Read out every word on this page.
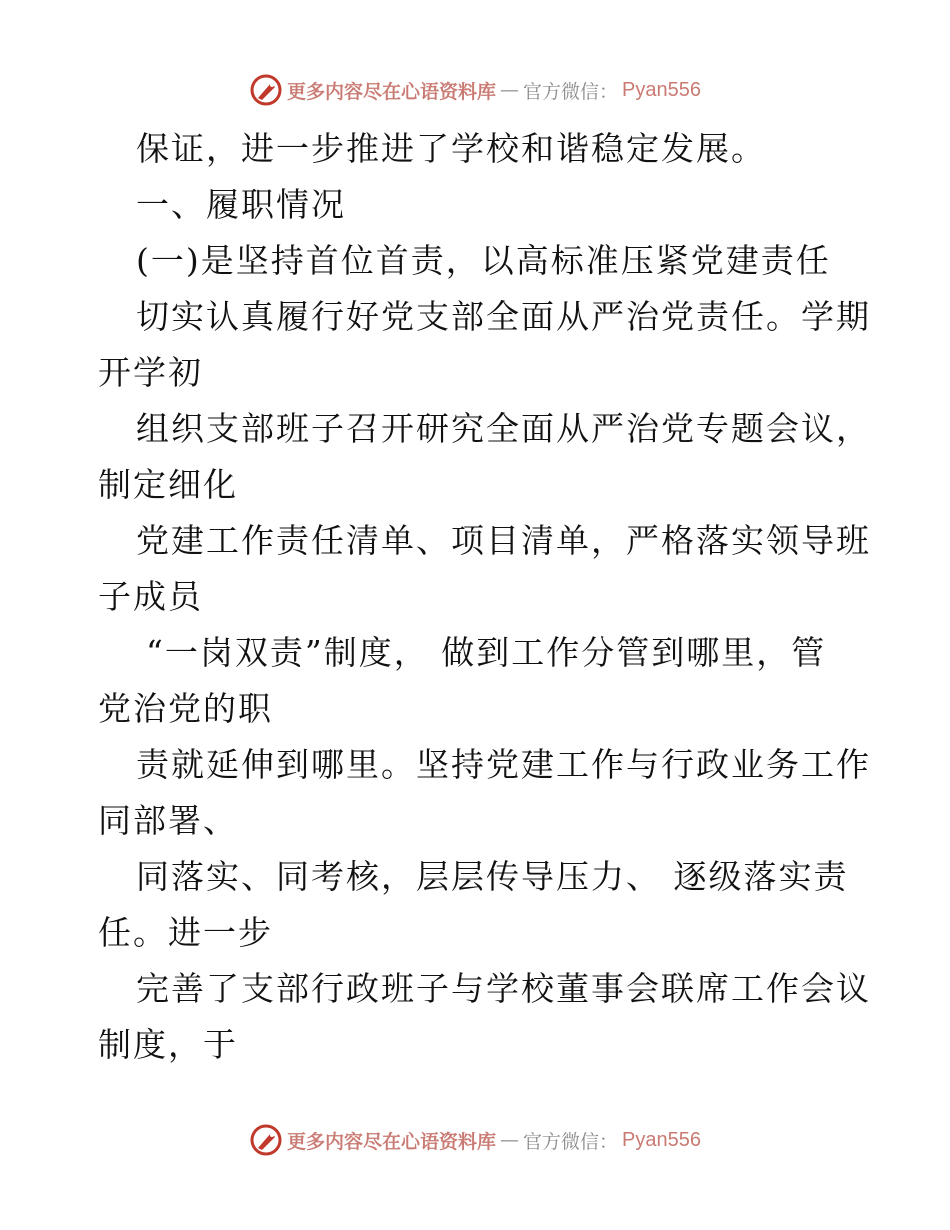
更多内容尽在心语资料库 — 官方微信： Pyan556
保证，进一步推进了学校和谐稳定发展。
一、履职情况
(一)是坚持首位首责，以高标准压紧党建责任
切实认真履行好党支部全面从严治党责任。学期
开学初
组织支部班子召开研究全面从严治党专题会议，
制定细化
党建工作责任清单、项目清单，严格落实领导班
子成员
“一岗双责”制度， 做到工作分管到哪里，管
党治党的职
责就延伸到哪里。坚持党建工作与行政业务工作
同部署、
同落实、同考核，层层传导压力、 逐级落实责
任。进一步
完善了支部行政班子与学校董事会联席工作会议
制度，于
更多内容尽在心语资料库 — 官方微信： Pyan556
